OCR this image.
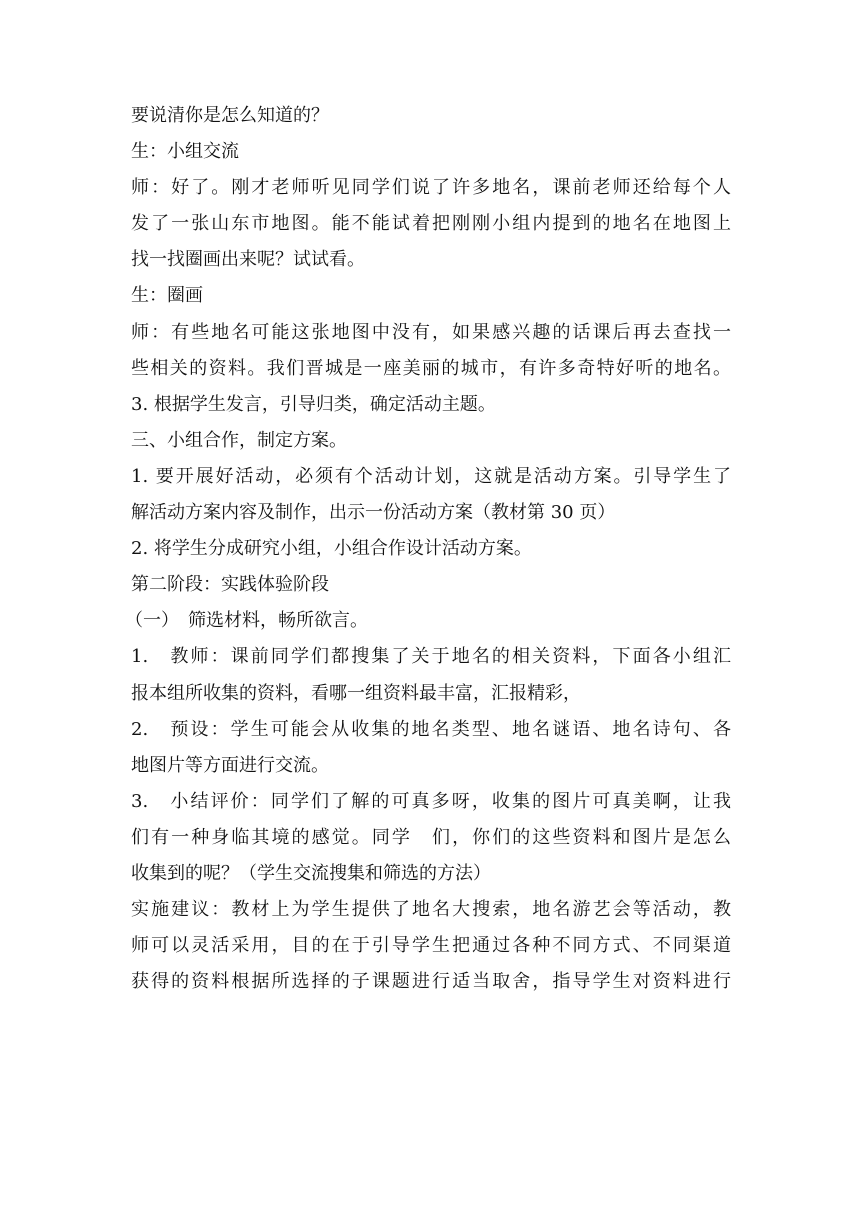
要说清你是怎么知道的？
生：小组交流
师：好了。刚才老师听见同学们说了许多地名，课前老师还给每个人
发了一张山东市地图。能不能试着把刚刚小组内提到的地名在地图上
找一找圈画出来呢？试试看。
生：圈画
师：有些地名可能这张地图中没有，如果感兴趣的话课后再去查找一
些相关的资料。我们晋城是一座美丽的城市，有许多奇特好听的地名。
3. 根据学生发言，引导归类，确定活动主题。
三、小组合作，制定方案。
1. 要开展好活动，必须有个活动计划，这就是活动方案。引导学生了
解活动方案内容及制作，出示一份活动方案（教材第 30 页）
2. 将学生分成研究小组，小组合作设计活动方案。
第二阶段：实践体验阶段
（一）　筛选材料，畅所欲言。
1.　教师：课前同学们都搜集了关于地名的相关资料，下面各小组汇
报本组所收集的资料，看哪一组资料最丰富，汇报精彩，
2.　预设：学生可能会从收集的地名类型、地名谜语、地名诗句、各
地图片等方面进行交流。
3.　小结评价：同学们了解的可真多呀，收集的图片可真美啊，让我
们有一种身临其境的感觉。同学　们，你们的这些资料和图片是怎么
收集到的呢？（学生交流搜集和筛选的方法）
实施建议：教材上为学生提供了地名大搜索，地名游艺会等活动，教
师可以灵活采用，目的在于引导学生把通过各种不同方式、不同渠道
获得的资料根据所选择的子课题进行适当取舍，指导学生对资料进行
